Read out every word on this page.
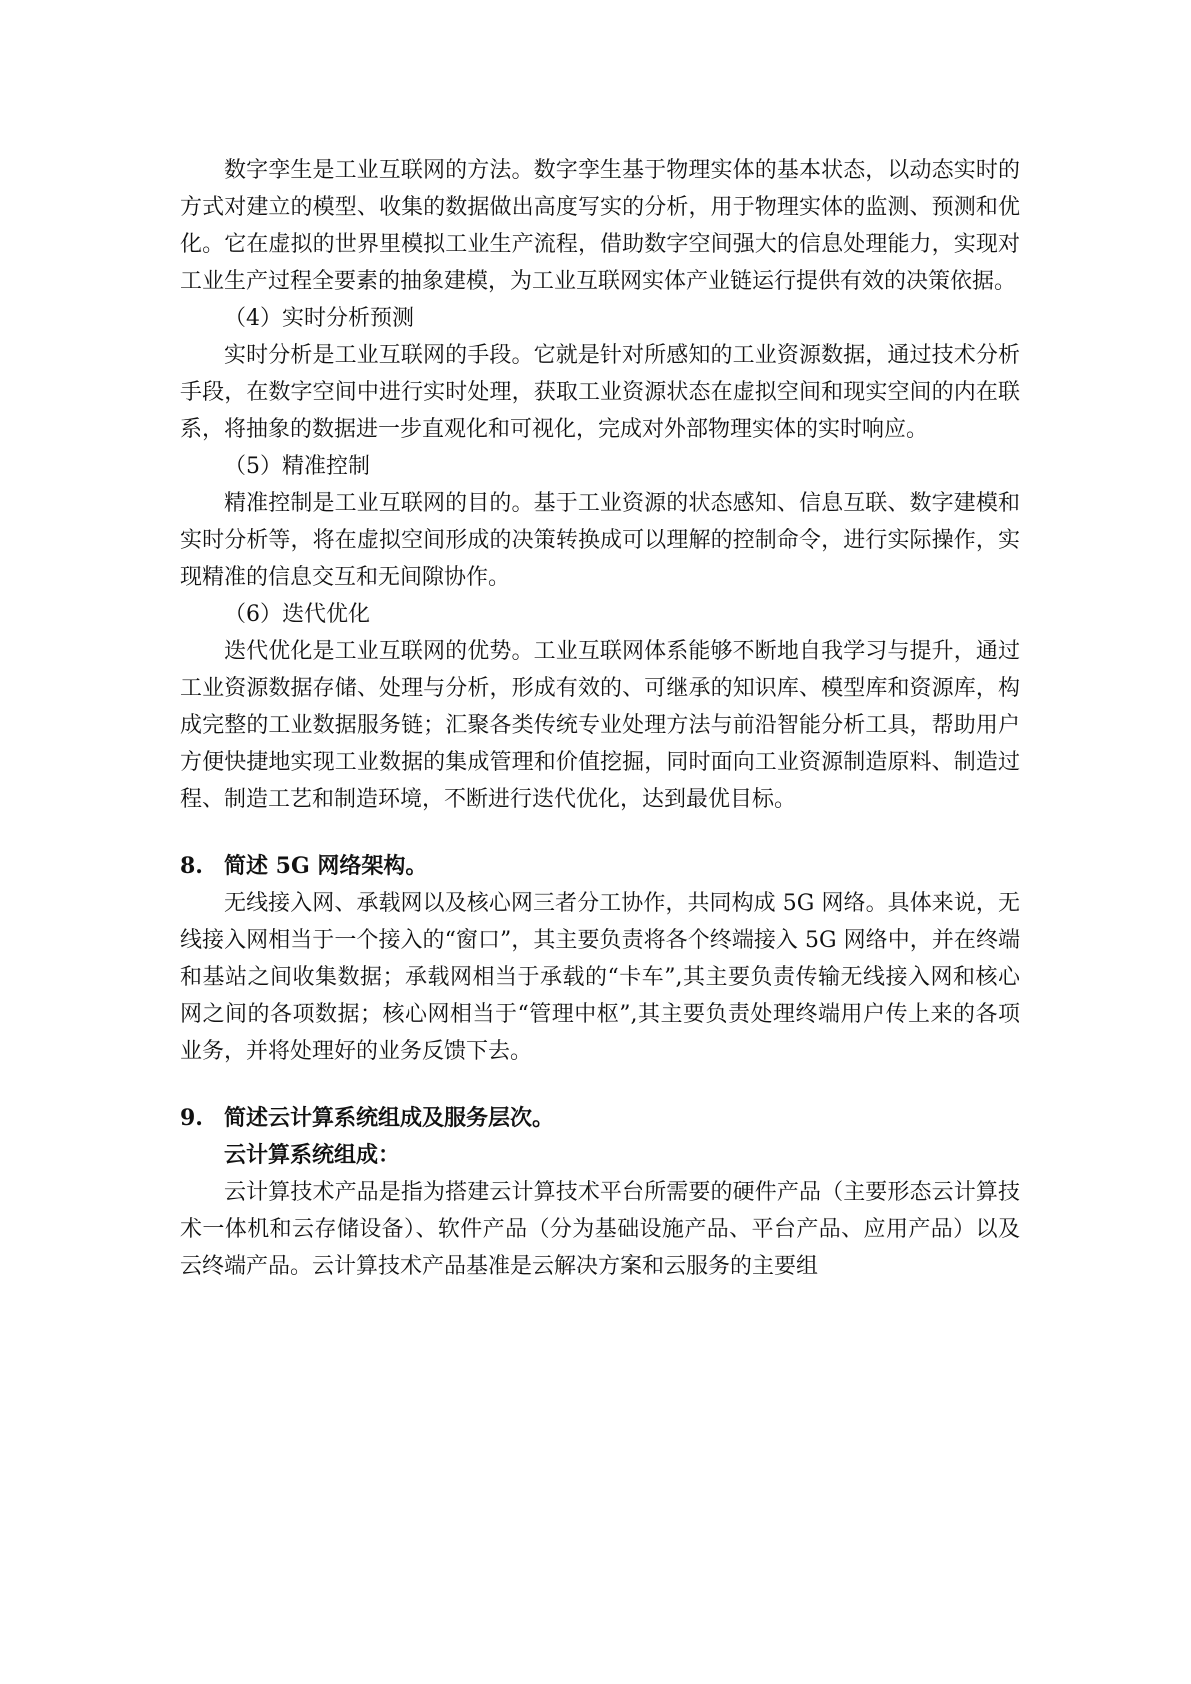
数字孪生是工业互联网的方法。数字孪生基于物理实体的基本状态，以动态实时的方式对建立的模型、收集的数据做出高度写实的分析，用于物理实体的监测、预测和优化。它在虚拟的世界里模拟工业生产流程，借助数字空间强大的信息处理能力，实现对工业生产过程全要素的抽象建模，为工业互联网实体产业链运行提供有效的决策依据。

（4）实时分析预测

实时分析是工业互联网的手段。它就是针对所感知的工业资源数据，通过技术分析手段，在数字空间中进行实时处理，获取工业资源状态在虚拟空间和现实空间的内在联系，将抽象的数据进一步直观化和可视化，完成对外部物理实体的实时响应。

（5）精准控制

精准控制是工业互联网的目的。基于工业资源的状态感知、信息互联、数字建模和实时分析等，将在虚拟空间形成的决策转换成可以理解的控制命令，进行实际操作，实现精准的信息交互和无间隙协作。

（6）迭代优化

迭代优化是工业互联网的优势。工业互联网体系能够不断地自我学习与提升，通过工业资源数据存储、处理与分析，形成有效的、可继承的知识库、模型库和资源库，构成完整的工业数据服务链；汇聚各类传统专业处理方法与前沿智能分析工具，帮助用户方便快捷地实现工业数据的集成管理和价值挖掘，同时面向工业资源制造原料、制造过程、制造工艺和制造环境，不断进行迭代优化，达到最优目标。

8. 简述 5G 网络架构。

无线接入网、承载网以及核心网三者分工协作，共同构成 5G 网络。具体来说，无线接入网相当于一个接入的“窗口”，其主要负责将各个终端接入 5G 网络中，并在终端和基站之间收集数据；承载网相当于承载的“卡车”,其主要负责传输无线接入网和核心网之间的各项数据；核心网相当于“管理中枢”,其主要负责处理终端用户传上来的各项业务，并将处理好的业务反馈下去。

9. 简述云计算系统组成及服务层次。

云计算系统组成：

云计算技术产品是指为搭建云计算技术平台所需要的硬件产品（主要形态云计算技术一体机和云存储设备）、软件产品（分为基础设施产品、平台产品、应用产品）以及云终端产品。云计算技术产品基准是云解决方案和云服务的主要组
